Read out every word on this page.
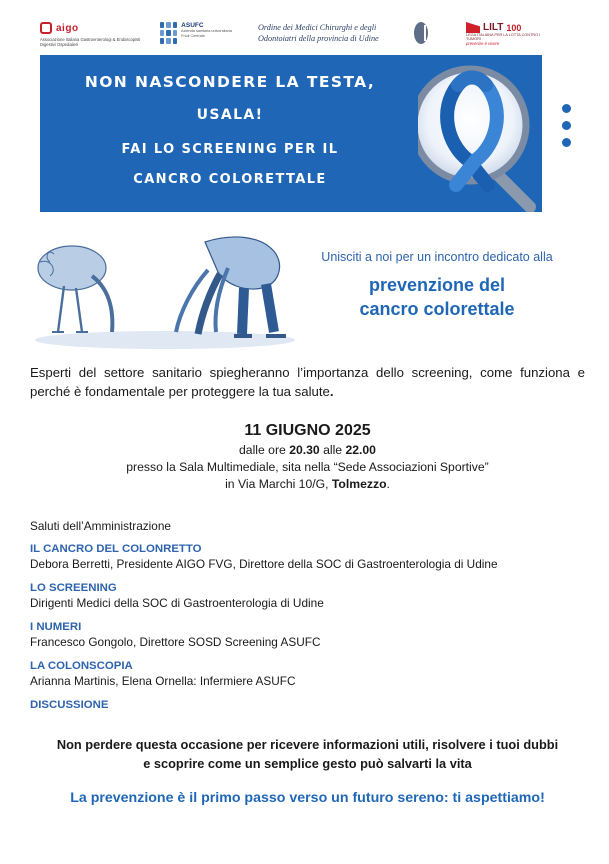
aigo
Associazione Italiana Gastroenterologi & Endoscopisti Digestivi Ospedalieri
ASUFC
Azienda sanitaria universitaria Friuli Centrale
Ordine dei Medici Chirurghi e degli Odontoiatri della provincia di Udine
LILT 100
LEGA ITALIANA PER LA LOTTA CONTRO I TUMORI
prevenire è vivere
NON NASCONDERE LA TESTA,
USALA!
FAI LO SCREENING PER IL
CANCRO COLORETTALE
Unisciti a noi per un incontro dedicato alla
prevenzione del
cancro colorettale

Esperti del settore sanitario spiegheranno l’importanza dello screening, come funziona e perché è fondamentale per proteggere la tua salute.

11 GIUGNO 2025
dalle ore 20.30 alle 22.00
presso la Sala Multimediale, sita nella “Sede Associazioni Sportive”
in Via Marchi 10/G, Tolmezzo.
Saluti dell’Amministrazione
IL CANCRO DEL COLONRETTO
Debora Berretti, Presidente AIGO FVG, Direttore della SOC di Gastroenterologia di Udine
LO SCREENING
Dirigenti Medici della SOC di Gastroenterologia di Udine
I NUMERI
Francesco Gongolo, Direttore SOSD Screening ASUFC
LA COLONSCOPIA
Arianna Martinis, Elena Ornella: Infermiere ASUFC
DISCUSSIONE
Non perdere questa occasione per ricevere informazioni utili, risolvere i tuoi dubbi
e scoprire come un semplice gesto può salvarti la vita
La prevenzione è il primo passo verso un futuro sereno: ti aspettiamo!
